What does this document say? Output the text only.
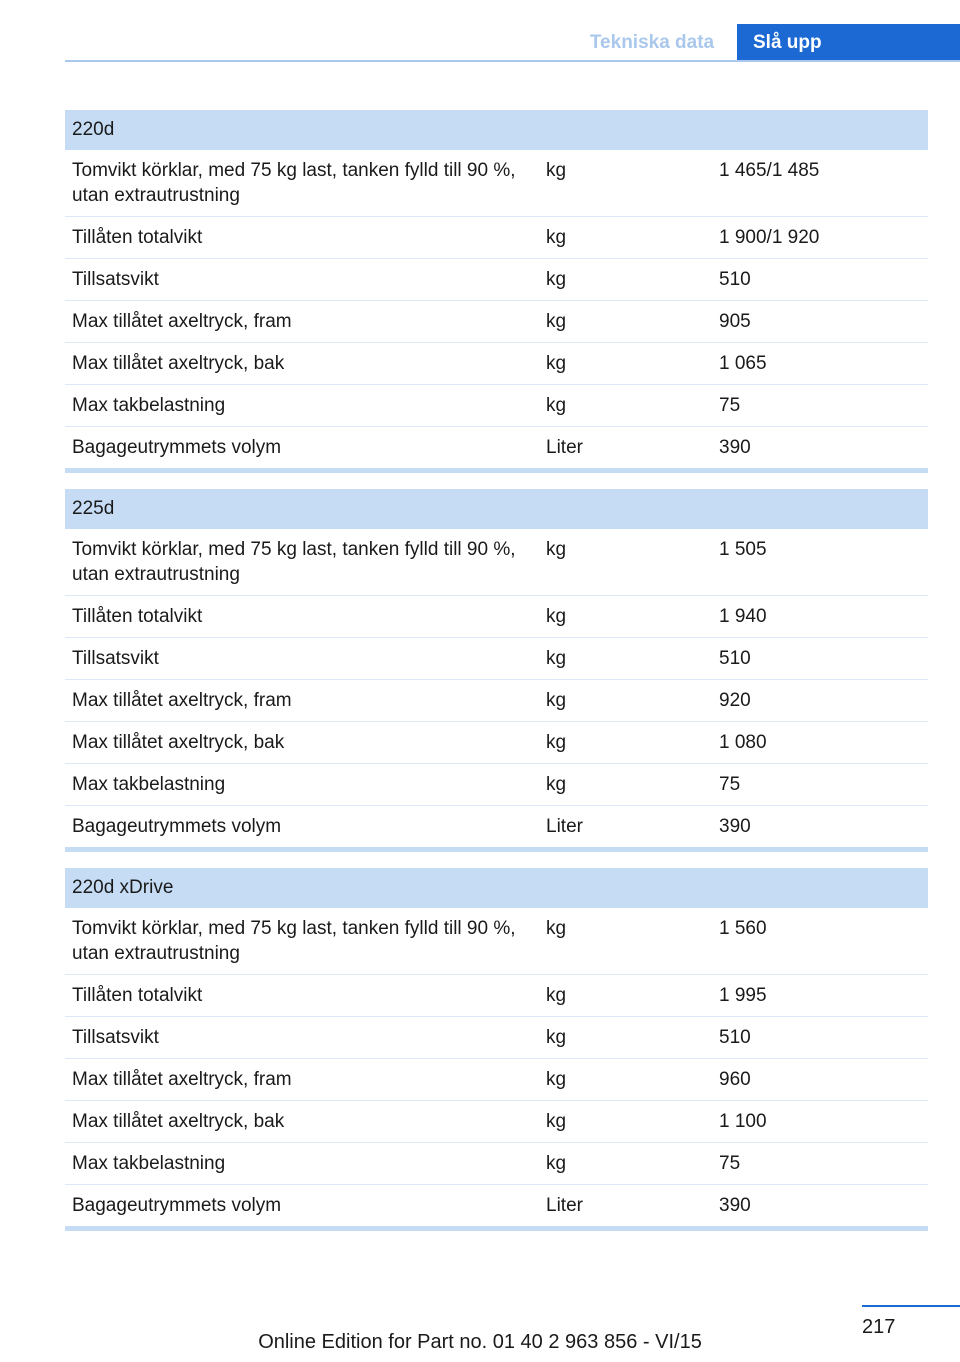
Tekniska data	Slå upp
220d
Tomvikt körklar, med 75 kg last, tanken fylld till 90 %, utan extrautrustning
kg	1 465/1 485
Tillåten totalvikt	kg	1 900/1 920
Tillsatsvikt	kg	510
Max tillåtet axeltryck, fram	kg	905
Max tillåtet axeltryck, bak	kg	1 065
Max takbelastning	kg	75
Bagageutrymmets volym	Liter	390
225d
Tomvikt körklar, med 75 kg last, tanken fylld till 90 %, utan extrautrustning
kg	1 505
Tillåten totalvikt	kg	1 940
Tillsatsvikt	kg	510
Max tillåtet axeltryck, fram	kg	920
Max tillåtet axeltryck, bak	kg	1 080
Max takbelastning	kg	75
Bagageutrymmets volym	Liter	390
220d xDrive
Tomvikt körklar, med 75 kg last, tanken fylld till 90 %, utan extrautrustning
kg	1 560
Tillåten totalvikt	kg	1 995
Tillsatsvikt	kg	510
Max tillåtet axeltryck, fram	kg	960
Max tillåtet axeltryck, bak	kg	1 100
Max takbelastning	kg	75
Bagageutrymmets volym	Liter	390
217
Online Edition for Part no. 01 40 2 963 856 - VI/15
